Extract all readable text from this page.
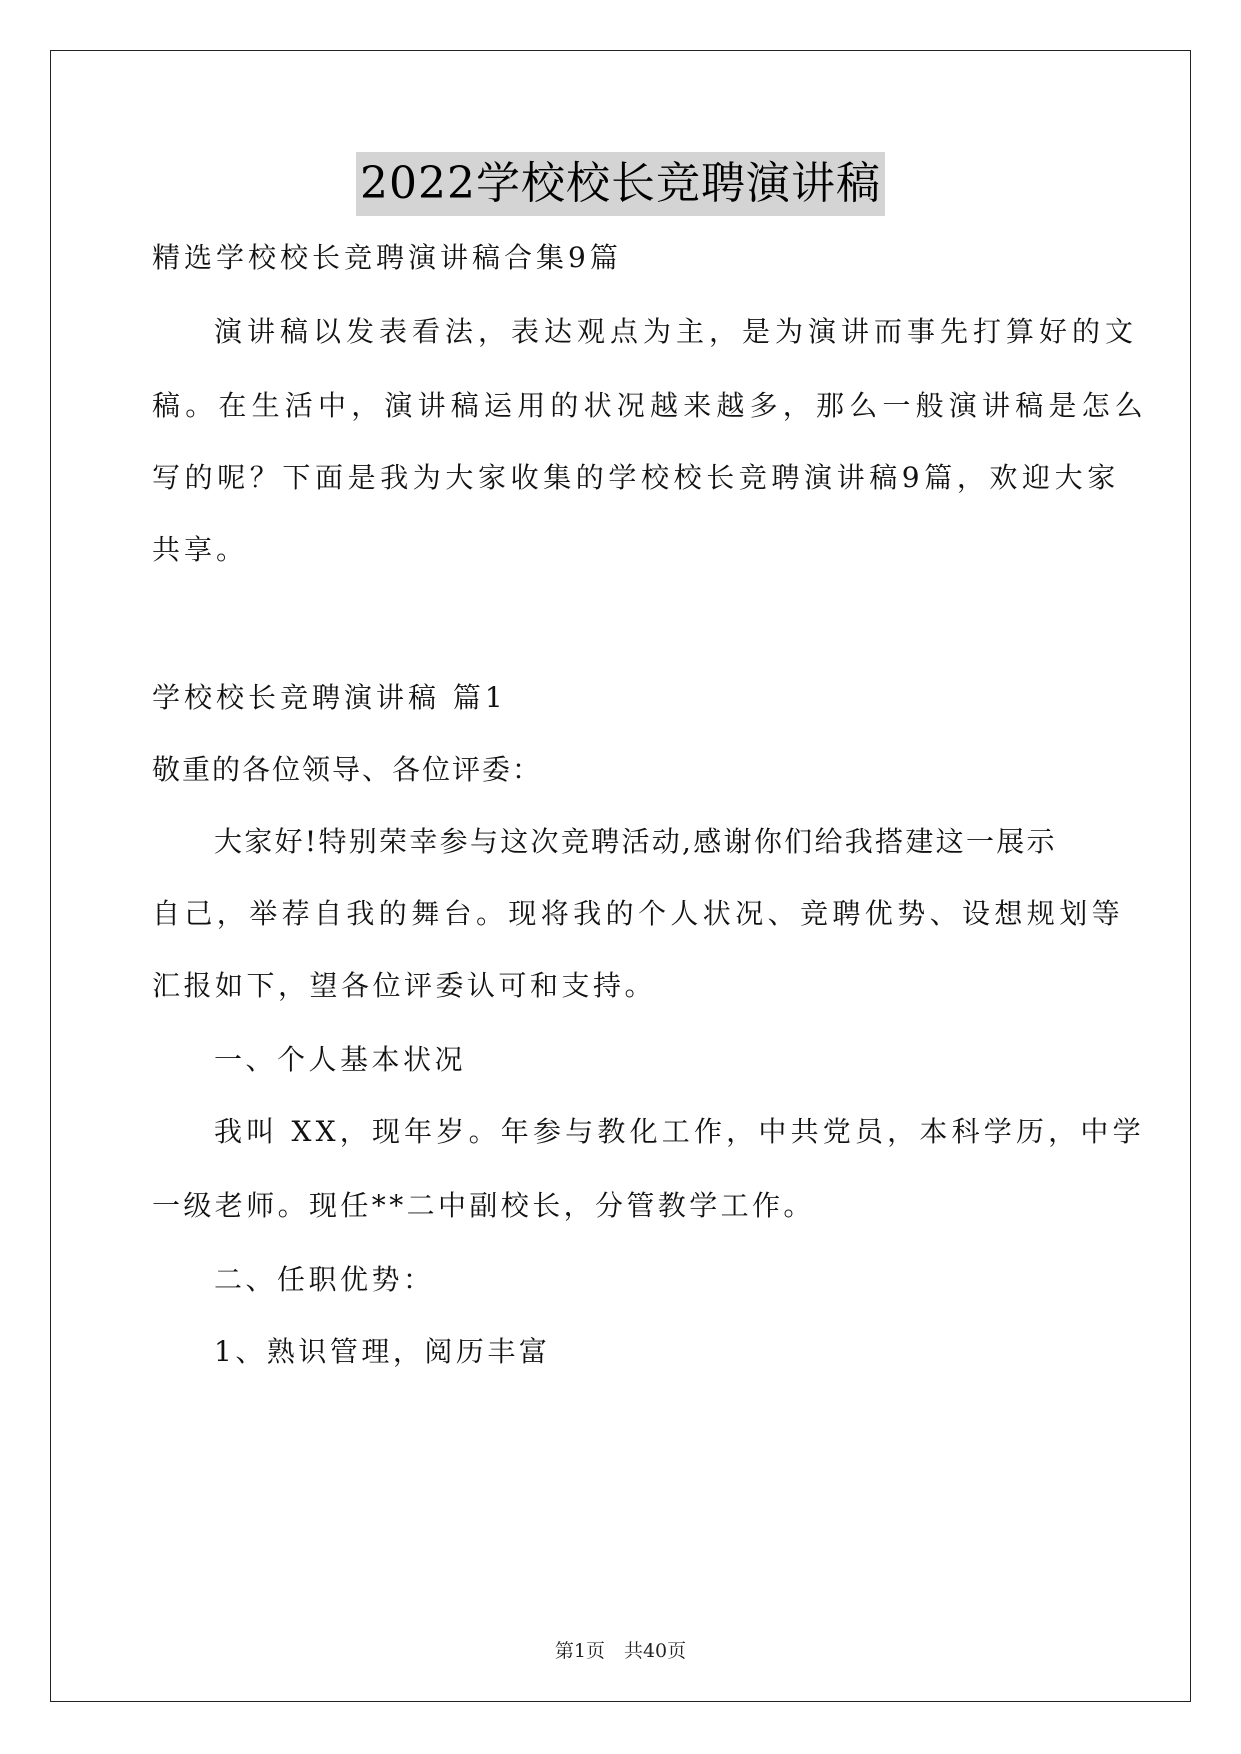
2022学校校长竞聘演讲稿
精选学校校长竞聘演讲稿合集9篇
演讲稿以发表看法，表达观点为主，是为演讲而事先打算好的文
稿。在生活中，演讲稿运用的状况越来越多，那么一般演讲稿是怎么
写的呢？下面是我为大家收集的学校校长竞聘演讲稿9篇，欢迎大家
共享。
学校校长竞聘演讲稿 篇1
敬重的各位领导、各位评委：
大家好!特别荣幸参与这次竞聘活动,感谢你们给我搭建这一展示
自己，举荐自我的舞台。现将我的个人状况、竞聘优势、设想规划等
汇报如下，望各位评委认可和支持。
一、个人基本状况
我叫 XX，现年岁。年参与教化工作，中共党员，本科学历，中学
一级老师。现任**二中副校长，分管教学工作。
二、任职优势：
1、熟识管理，阅历丰富
第1页　共40页
